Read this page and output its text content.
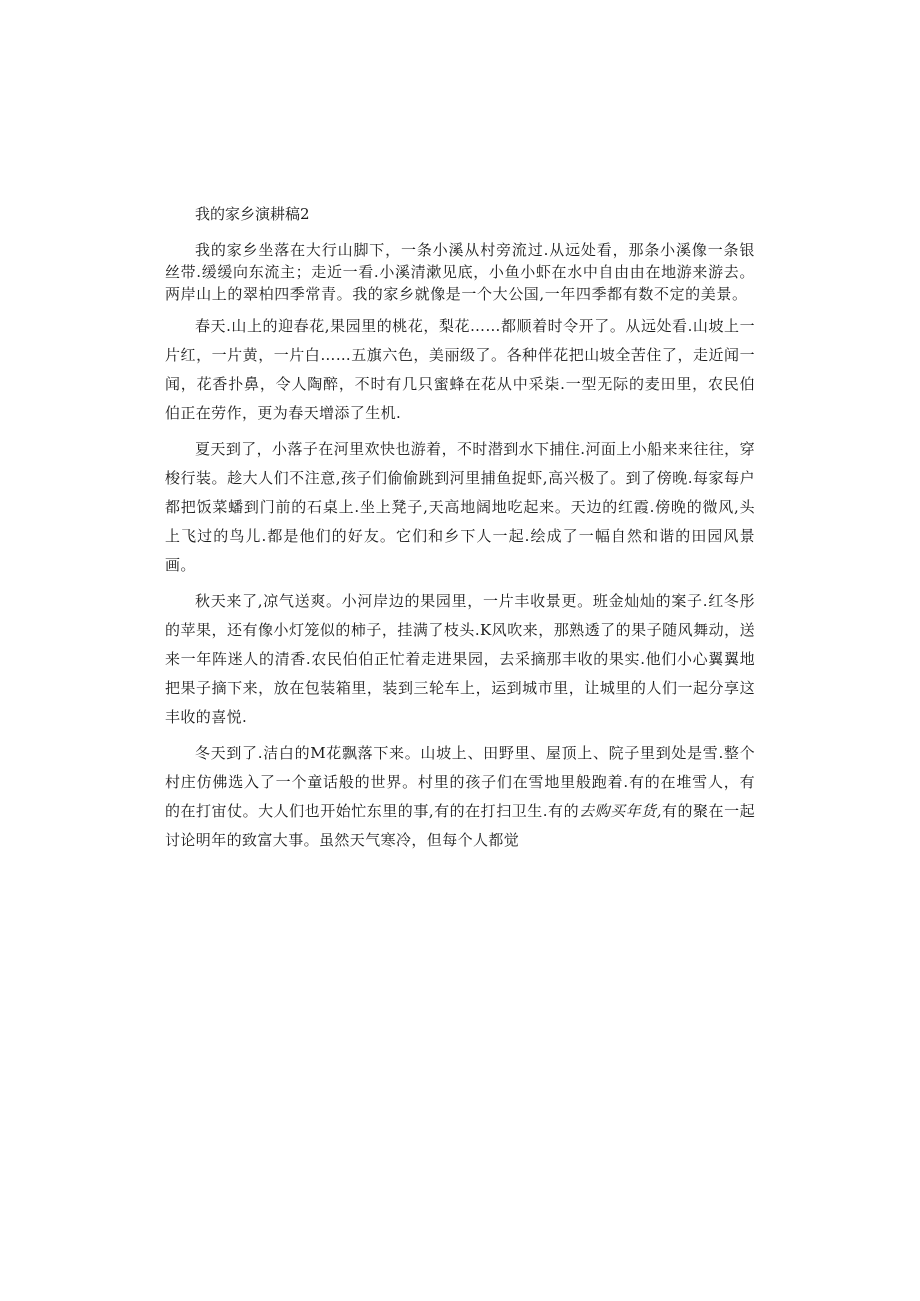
我的家乡演耕稿2

我的家乡坐落在大行山脚下，一条小溪从村旁流过.从远处看，那条小溪像一条银丝带.缓缓向东流主；走近一看.小溪清漱见底，小鱼小虾在水中自由由在地游来游去。两岸山上的翠柏四季常青。我的家乡就像是一个大公国,一年四季都有数不定的美景。

春天.山上的迎春花,果园里的桃花，梨花……都顺着时令开了。从远处看.山坡上一片红，一片黄，一片白……五旗六色，美丽级了。各种伴花把山坡全苦住了，走近闻一闻，花香扑鼻，令人陶醉，不时有几只蜜蜂在花从中采柒.一型无际的麦田里，农民伯伯正在劳作，更为春天增添了生机.

夏天到了，小落子在河里欢快也游着，不时潜到水下捕住.河面上小船来来往往，穿梭行装。趁大人们不注意,孩子们偷偷跳到河里捕鱼捉虾,高兴极了。到了傍晚.每家每户都把饭菜蟠到门前的石桌上.坐上凳子,天高地阔地吃起来。天边的红霞.傍晚的微风,头上飞过的鸟儿.都是他们的好友。它们和乡下人一起.绘成了一幅自然和谐的田园风景画。

秋天来了,凉气送爽。小河岸边的果园里，一片丰收景更。班金灿灿的案子.红冬彤的苹果，还有像小灯笼似的柿子，挂满了枝头.K风吹来，那熟透了的果子随风舞动，送来一年阵迷人的清香.农民伯伯正忙着走进果园，去采摘那丰收的果实.他们小心翼翼地把果子摘下来，放在包装箱里，装到三轮车上，运到城市里，让城里的人们一起分享这丰收的喜悦.

冬天到了.洁白的M花飘落下来。山坡上、田野里、屋顶上、院子里到处是雪.整个村庄仿佛选入了一个童话般的世界。村里的孩子们在雪地里般跑着.有的在堆雪人，有的在打宙仗。大人们也开始忙东里的事,有的在打扫卫生.有的去购买年货,有的聚在一起讨论明年的致富大事。虽然天气寒冷，但每个人都觉
